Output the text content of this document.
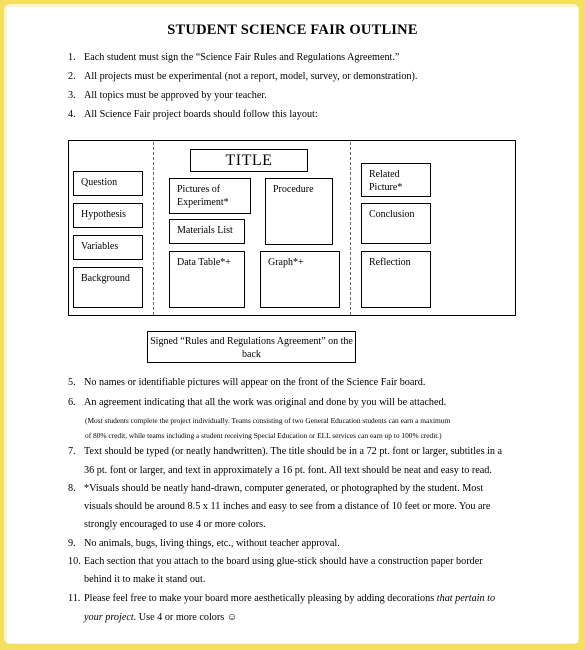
STUDENT SCIENCE FAIR OUTLINE
1. Each student must sign the “Science Fair Rules and Regulations Agreement.”
2. All projects must be experimental (not a report, model, survey, or demonstration).
3. All topics must be approved by your teacher.
4. All Science Fair project boards should follow this layout:
Question
Hypothesis
Variables
Background
TITLE
Pictures of Experiment*
Procedure
Materials List
Data Table*+	Graph*+
Related Picture*
Conclusion
Reflection
Signed “Rules and Regulations Agreement” on the back
5. No names or identifiable pictures will appear on the front of the Science Fair board.
6. An agreement indicating that all the work was original and done by you will be attached.
(Most students complete the project individually. Teams consisting of two General Education students can earn a maximum
of 80% credit, while teams including a student receiving Special Education or ELL services can earn up to 100% credit.)
7. Text should be typed (or neatly handwritten). The title should be in a 72 pt. font or larger, subtitles in a
36 pt. font or larger, and text in approximately a 16 pt. font. All text should be neat and easy to read.
8. *Visuals should be neatly hand-drawn, computer generated, or photographed by the student. Most
visuals should be around 8.5 x 11 inches and easy to see from a distance of 10 feet or more. You are
strongly encouraged to use 4 or more colors.
9. No animals, bugs, living things, etc., without teacher approval.
10. Each section that you attach to the board using glue-stick should have a construction paper border
behind it to make it stand out.
11. Please feel free to make your board more aesthetically pleasing by adding decorations that pertain to
your project. Use 4 or more colors ☺
